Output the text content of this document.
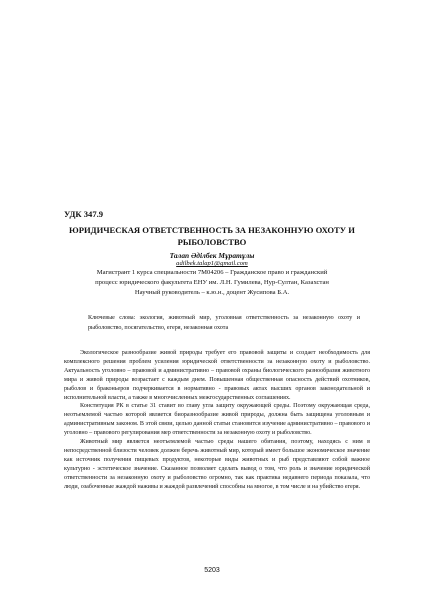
УДК 347.9
ЮРИДИЧЕСКАЯ ОТВЕТСТВЕННОСТЬ ЗА НЕЗАКОННУЮ ОХОТУ И РЫБОЛОВСТВО
Талап Әділбек Мұратұлы
adilbek.talap1@gmail.com
Магистрант 1 курса специальности 7М04206 – Гражданское право и гражданский
процесс юридического факультета ЕНУ им. Л.Н. Гумилева, Нур-Султан, Казахстан
Научный руководитель – к.ю.н., доцент Жусипова Б.А.
Ключевые слова: экология, животный мир, уголовная ответственность за незаконную охоту и рыболовство, посягательство, егеря, незаконная охота

Экологическое разнообразие живой природы требует его правовой защиты и создает необходимость для комплексного решения проблем усиления юридической ответственности за незаконную охоту и рыболовство. Актуальность уголовно – правовой и административно – правовой охраны биологического разнообразия животного мира и живой природы возрастает с каждым днем. Повышенная общественная опасность действий охотников, рыболов и браконьеров подчеркивается в нормативно - правовых актах высших органов законодательной и исполнительной власти, а также в многочисленных межгосударственных соглашениях.

Конституция РК в статье 31 ставит во главу угла защиту окружающей среды. Поэтому окружающая среда, неотъемлемой частью которой является биоразнообразие живой природы, должна быть защищена уголовным и административным законом. В этой связи, целью данной статьи становится изучение административно – правового и уголовно – правового регулирования мер ответственности за незаконную охоту и рыболовство.

Животный мир является неотъемлемой частью среды нашего обитания, поэтому, находясь с ним в непосредственной близости человек должен беречь животный мир, который имеет большое экономическое значение как источник получения пищевых продуктов, некоторые виды животных и рыб представляют собой важное культурно - эстетическое значение. Сказанное позволяет сделать вывод о том, что роль и значение юридической ответственности за незаконную охоту и рыболовство огромно, так как практика недавнего периода показала, что люди, озабоченные жаждой наживы и жаждой развлечений способны на многое, в том числе и на убийство егеря.

5203
